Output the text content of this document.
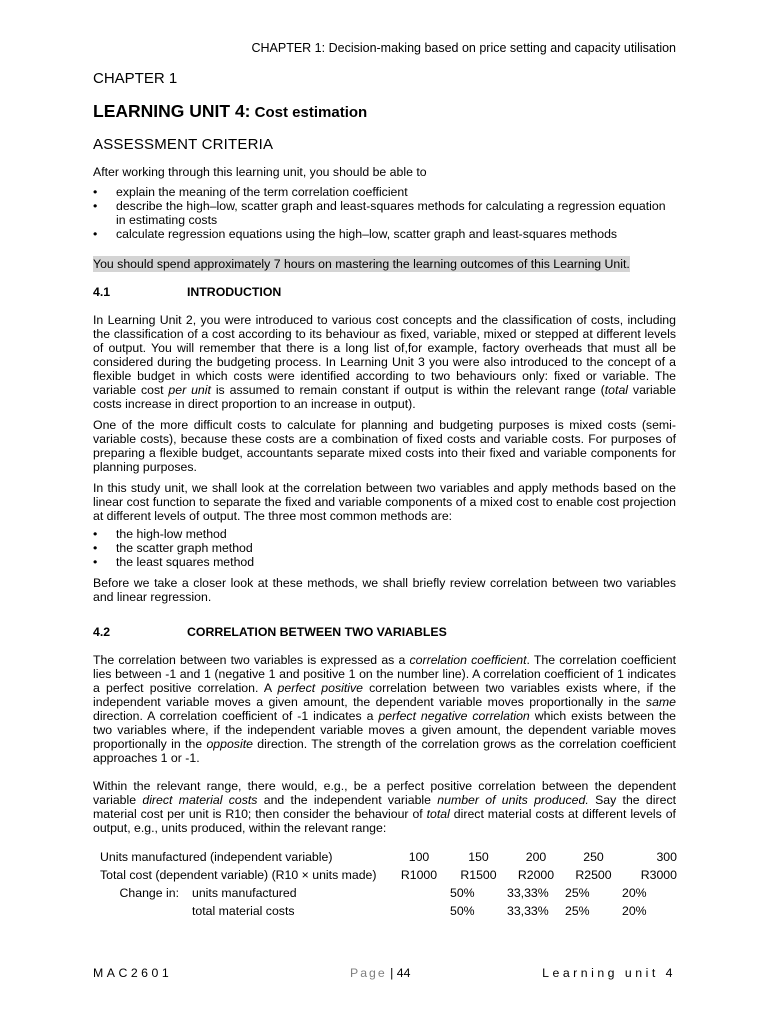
CHAPTER 1: Decision-making based on price setting and capacity utilisation
CHAPTER 1
LEARNING UNIT 4: Cost estimation
ASSESSMENT CRITERIA
After working through this learning unit, you should be able to
• explain the meaning of the term correlation coefficient
• describe the high–low, scatter graph and least-squares methods for calculating a regression equation in estimating costs
• calculate regression equations using the high–low, scatter graph and least-squares methods
You should spend approximately 7 hours on mastering the learning outcomes of this Learning Unit.
4.1	INTRODUCTION

In Learning Unit 2, you were introduced to various cost concepts and the classification of costs, including the classification of a cost according to its behaviour as fixed, variable, mixed or stepped at different levels of output. You will remember that there is a long list of,for example, factory overheads that must all be considered during the budgeting process. In Learning Unit 3 you were also introduced to the concept of a flexible budget in which costs were identified according to two behaviours only: fixed or variable. The variable cost per unit is assumed to remain constant if output is within the relevant range (total variable costs increase in direct proportion to an increase in output).

One of the more difficult costs to calculate for planning and budgeting purposes is mixed costs (semi-variable costs), because these costs are a combination of fixed costs and variable costs. For purposes of preparing a flexible budget, accountants separate mixed costs into their fixed and variable components for planning purposes.

In this study unit, we shall look at the correlation between two variables and apply methods based on the linear cost function to separate the fixed and variable components of a mixed cost to enable cost projection at different levels of output. The three most common methods are:

• the high-low method
• the scatter graph method
• the least squares method

Before we take a closer look at these methods, we shall briefly review correlation between two variables and linear regression.

4.2	CORRELATION BETWEEN TWO VARIABLES

The correlation between two variables is expressed as a correlation coefficient. The correlation coefficient lies between -1 and 1 (negative 1 and positive 1 on the number line). A correlation coefficient of 1 indicates a perfect positive correlation. A perfect positive correlation between two variables exists where, if the independent variable moves a given amount, the dependent variable moves proportionally in the same direction. A correlation coefficient of -1 indicates a perfect negative correlation which exists between the two variables where, if the independent variable moves a given amount, the dependent variable moves proportionally in the opposite direction. The strength of the correlation grows as the correlation coefficient approaches 1 or -1.

Within the relevant range, there would, e.g., be a perfect positive correlation between the dependent variable direct material costs and the independent variable number of units produced. Say the direct material cost per unit is R10; then consider the behaviour of total direct material costs at different levels of output, e.g., units produced, within the relevant range:

	Units manufactured (independent variable)		100	150	200	250	300
	Total cost (dependent variable) (R10 × units made)		R1000	R1500	R2000	R2500	R3000
	Change in:	units manufactured		50%	33,33%	25%	20%
		total material costs		50%	33,33%	25%	20%
MAC2601	Page | 44	Learning unit 4
